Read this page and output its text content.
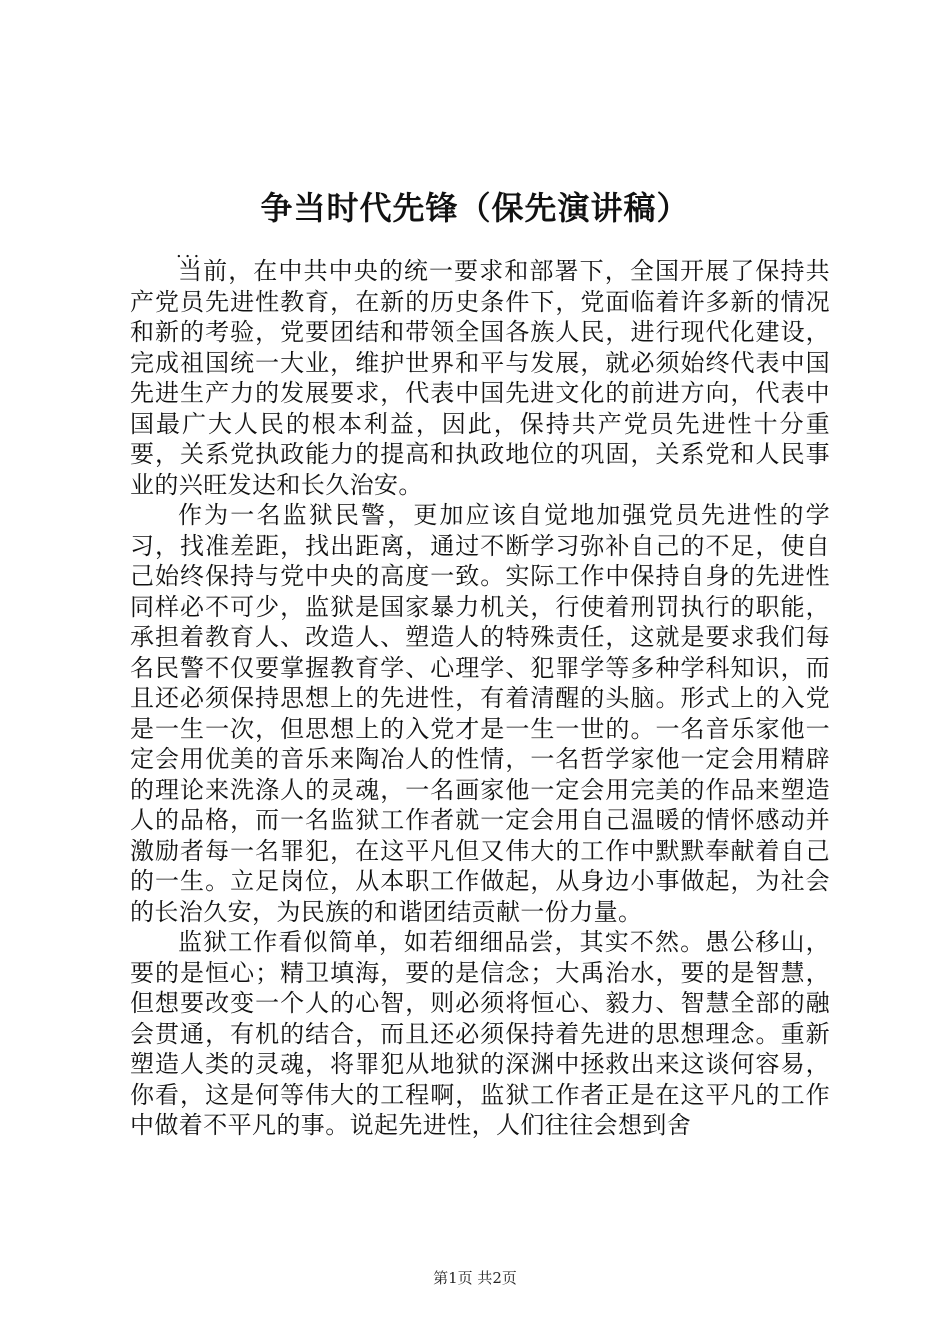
争当时代先锋（保先演讲稿）
...

当前，在中共中央的统一要求和部署下，全国开展了保持共产党员先进性教育，在新的历史条件下，党面临着许多新的情况和新的考验，党要团结和带领全国各族人民，进行现代化建设，完成祖国统一大业，维护世界和平与发展，就必须始终代表中国先进生产力的发展要求，代表中国先进文化的前进方向，代表中国最广大人民的根本利益，因此，保持共产党员先进性十分重要，关系党执政能力的提高和执政地位的巩固，关系党和人民事业的兴旺发达和长久治安。

作为一名监狱民警，更加应该自觉地加强党员先进性的学习，找准差距，找出距离，通过不断学习弥补自己的不足，使自己始终保持与党中央的高度一致。实际工作中保持自身的先进性同样必不可少，监狱是国家暴力机关，行使着刑罚执行的职能，承担着教育人、改造人、塑造人的特殊责任，这就是要求我们每名民警不仅要掌握教育学、心理学、犯罪学等多种学科知识，而且还必须保持思想上的先进性，有着清醒的头脑。形式上的入党是一生一次，但思想上的入党才是一生一世的。一名音乐家他一定会用优美的音乐来陶冶人的性情，一名哲学家他一定会用精辟的理论来洗涤人的灵魂，一名画家他一定会用完美的作品来塑造人的品格，而一名监狱工作者就一定会用自己温暖的情怀感动并激励者每一名罪犯，在这平凡但又伟大的工作中默默奉献着自己的一生。立足岗位，从本职工作做起，从身边小事做起，为社会的长治久安，为民族的和谐团结贡献一份力量。

监狱工作看似简单，如若细细品尝，其实不然。愚公移山，要的是恒心；精卫填海，要的是信念；大禹治水，要的是智慧，但想要改变一个人的心智，则必须将恒心、毅力、智慧全部的融会贯通，有机的结合，而且还必须保持着先进的思想理念。重新塑造人类的灵魂，将罪犯从地狱的深渊中拯救出来这谈何容易，你看，这是何等伟大的工程啊，监狱工作者正是在这平凡的工作中做着不平凡的事。说起先进性，人们往往会想到舍

第1页 共2页
